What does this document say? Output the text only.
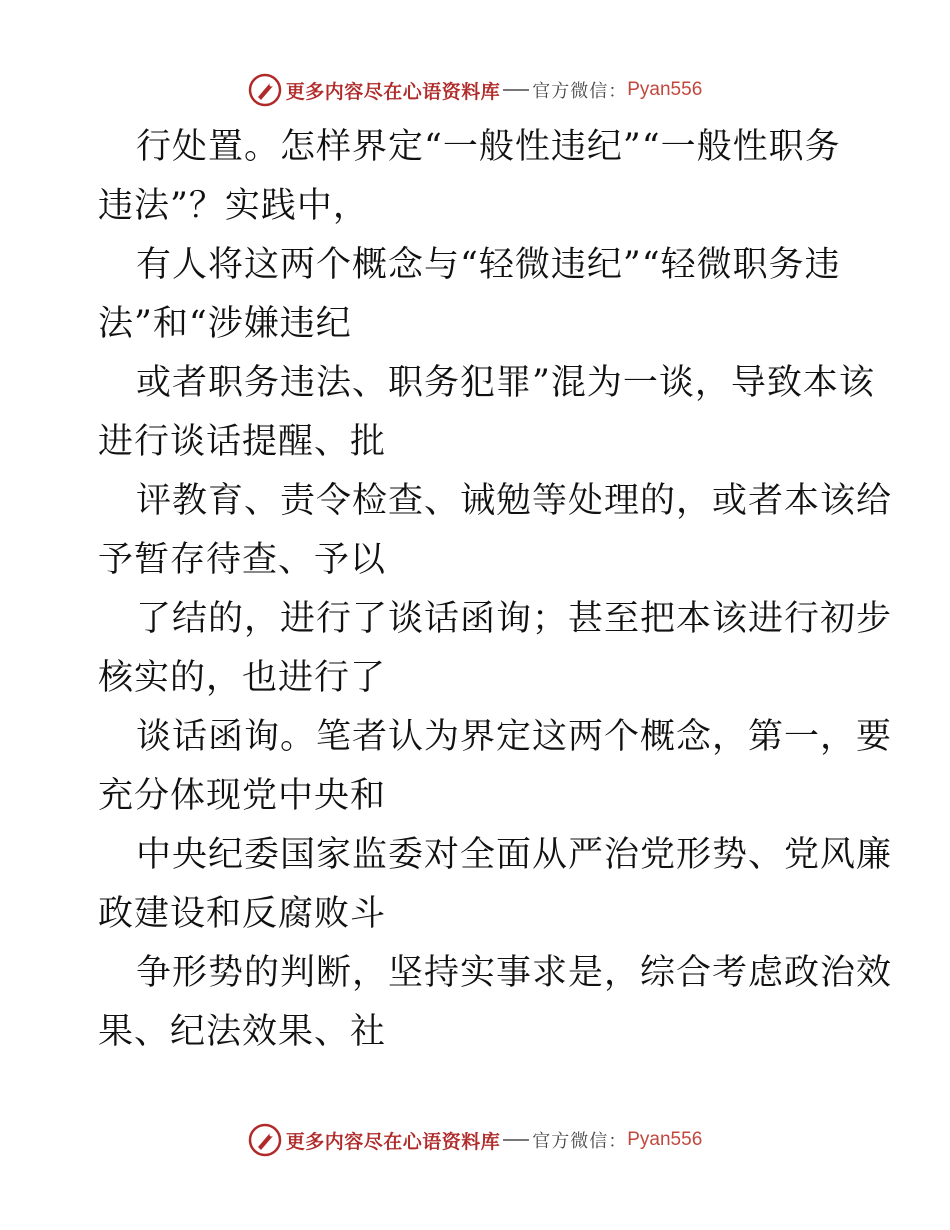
更多内容尽在心语资料库 官方微信： Pyan556
行处置。怎样界定“一般性违纪”“一般性职务
违法”？实践中，
有人将这两个概念与“轻微违纪”“轻微职务违
法”和“涉嫌违纪
或者职务违法、职务犯罪”混为一谈，导致本该
进行谈话提醒、批
评教育、责令检查、诫勉等处理的，或者本该给
予暂存待查、予以
了结的，进行了谈话函询；甚至把本该进行初步
核实的，也进行了
谈话函询。笔者认为界定这两个概念，第一，要
充分体现党中央和
中央纪委国家监委对全面从严治党形势、党风廉
政建设和反腐败斗
争形势的判断，坚持实事求是，综合考虑政治效
果、纪法效果、社
更多内容尽在心语资料库 官方微信： Pyan556
